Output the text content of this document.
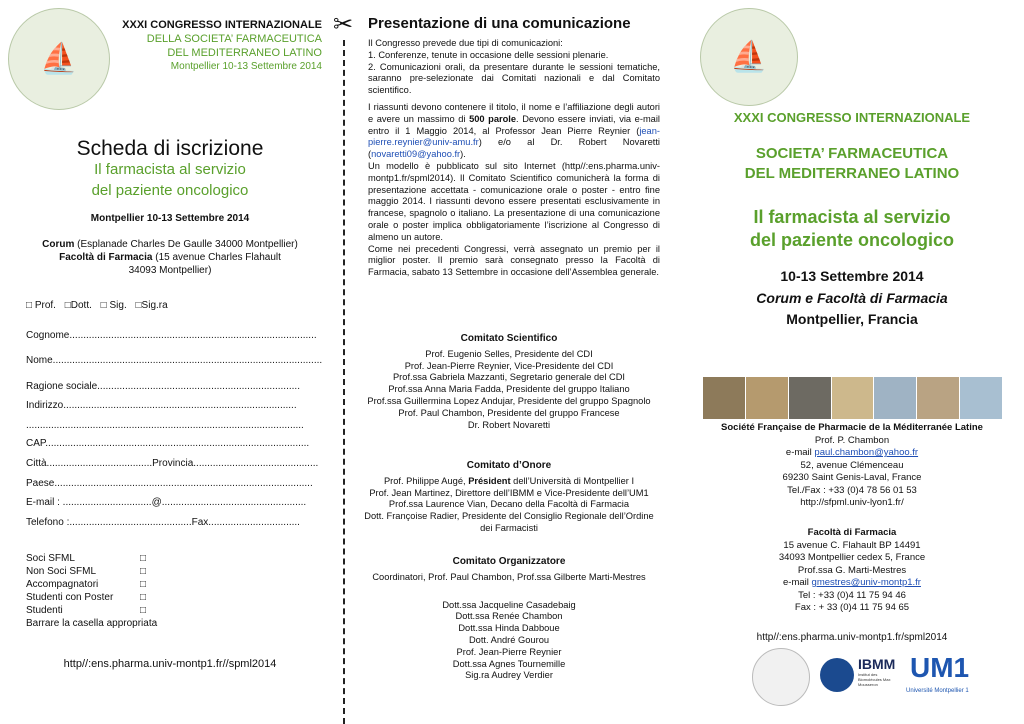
✂
⛵
XXXI CONGRESSO INTERNAZIONALE
DELLA SOCIETA’ FARMACEUTICA
DEL MEDITERRANEO LATINO
Montpellier 10-13 Settembre 2014
Scheda di iscrizione
Il farmacista al servizio
del paziente oncologico
Montpellier 10-13 Settembre 2014
Corum (Esplanade Charles De Gaulle 34000 Montpellier)
Facoltà di Farmacia (15 avenue Charles Flahault
34093 Montpellier)
□ Prof. □Dott. □ Sig. □Sig.ra
Cognome.........................................................................................
Nome.................................................................................................
Ragione sociale.........................................................................
Indirizzo....................................................................................
....................................................................................................
CAP...............................................................................................
Città......................................Provincia.............................................
Paese.............................................................................................
E-mail : ................................@....................................................
Telefono :............................................Fax.................................
Soci SFML	□
Non Soci SFML	□
Accompagnatori	□
Studenti con Poster	□
Studenti	□
Barrare la casella appropriata
http//:ens.pharma.univ-montp1.fr//spml2014
Presentazione di una comunicazione
Il Congresso prevede due tipi di comunicazioni:
1. Conferenze, tenute in occasione delle sessioni plenarie.
2. Comunicazioni orali, da presentare durante le sessioni tematiche, saranno pre-selezionate dai Comitati nazionali e dal Comitato scientifico.
I riassunti devono contenere il titolo, il nome e l’affiliazione degli autori e avere un massimo di 500 parole. Devono essere inviati, via e-mail entro il 1 Maggio 2014, al Professor Jean Pierre Reynier (jean-pierre.reynier@univ-amu.fr) e/o al Dr. Robert Novaretti (novaretti09@yahoo.fr).
Un modello è pubblicato sul sito Internet (http//:ens.pharma.univ-montp1.fr/spml2014). Il Comitato Scientifico comunicherà la forma di presentazione accettata - comunicazione orale o poster - entro fine maggio 2014. I riassunti devono essere presentati esclusivamente in francese, spagnolo o italiano. La presentazione di una comunicazione orale o poster implica obbligatoriamente l’iscrizione al Congresso di almeno un autore.
Come nei precedenti Congressi, verrà assegnato un premio per il miglior poster. Il premio sarà consegnato presso la Facoltà di Farmacia, sabato 13 Settembre in occasione dell’Assemblea generale.
Comitato Scientifico
Prof. Eugenio Selles, Presidente del CDI
Prof. Jean-Pierre Reynier, Vice-Presidente del CDI
Prof.ssa Gabriela Mazzanti, Segretario generale del CDI
Prof.ssa Anna Maria Fadda, Presidente del gruppo Italiano
Prof.ssa Guillermina Lopez Andujar, Presidente del gruppo Spagnolo
Prof. Paul Chambon, Presidente del gruppo Francese
Dr. Robert Novaretti
Comitato d’Onore
Prof. Philippe Augé, Président dell’Università di Montpellier I
Prof. Jean Martinez, Direttore dell’IBMM e Vice-Presidente dell’UM1
Prof.ssa Laurence Vian, Decano della Facoltà di Farmacia
Dott. Françoise Radier, Presidente del Consiglio Regionale dell’Ordine
dei Farmacisti
Comitato Organizzatore
Coordinatori, Prof. Paul Chambon, Prof.ssa Gilberte Marti-Mestres
Dott.ssa Jacqueline Casadebaig
Dott.ssa Renée Chambon
Dott.ssa Hinda Dabboue
Dott. André Gourou
Prof. Jean-Pierre Reynier
Dott.ssa Agnes Tournemille
Sig.ra Audrey Verdier
⛵
XXXI CONGRESSO INTERNAZIONALE
SOCIETA’ FARMACEUTICA
DEL MEDITERRANEO LATINO
Il farmacista al servizio
del paziente oncologico
10-13 Settembre 2014
Corum e Facoltà di Farmacia
Montpellier, Francia
Société Française de Pharmacie de la Méditerranée Latine
Prof. P. Chambon
e-mail paul.chambon@yahoo.fr
52, avenue Clémenceau
69230 Saint Genis-Laval, France
Tel./Fax : +33 (0)4 78 56 01 53
http://sfpml.univ-lyon1.fr/
Facoltà di Farmacia
15 avenue C. Flahault BP 14491
34093 Montpellier cedex 5, France
Prof.ssa G. Marti-Mestres
e-mail gmestres@univ-montp1.fr
Tel : +33 (0)4 11 75 94 46
Fax : + 33 (0)4 11 75 94 65
http//:ens.pharma.univ-montp1.fr/spml2014
IBMM
Institut des Biomolécules Max Mousseron
UM1
Université Montpellier 1
